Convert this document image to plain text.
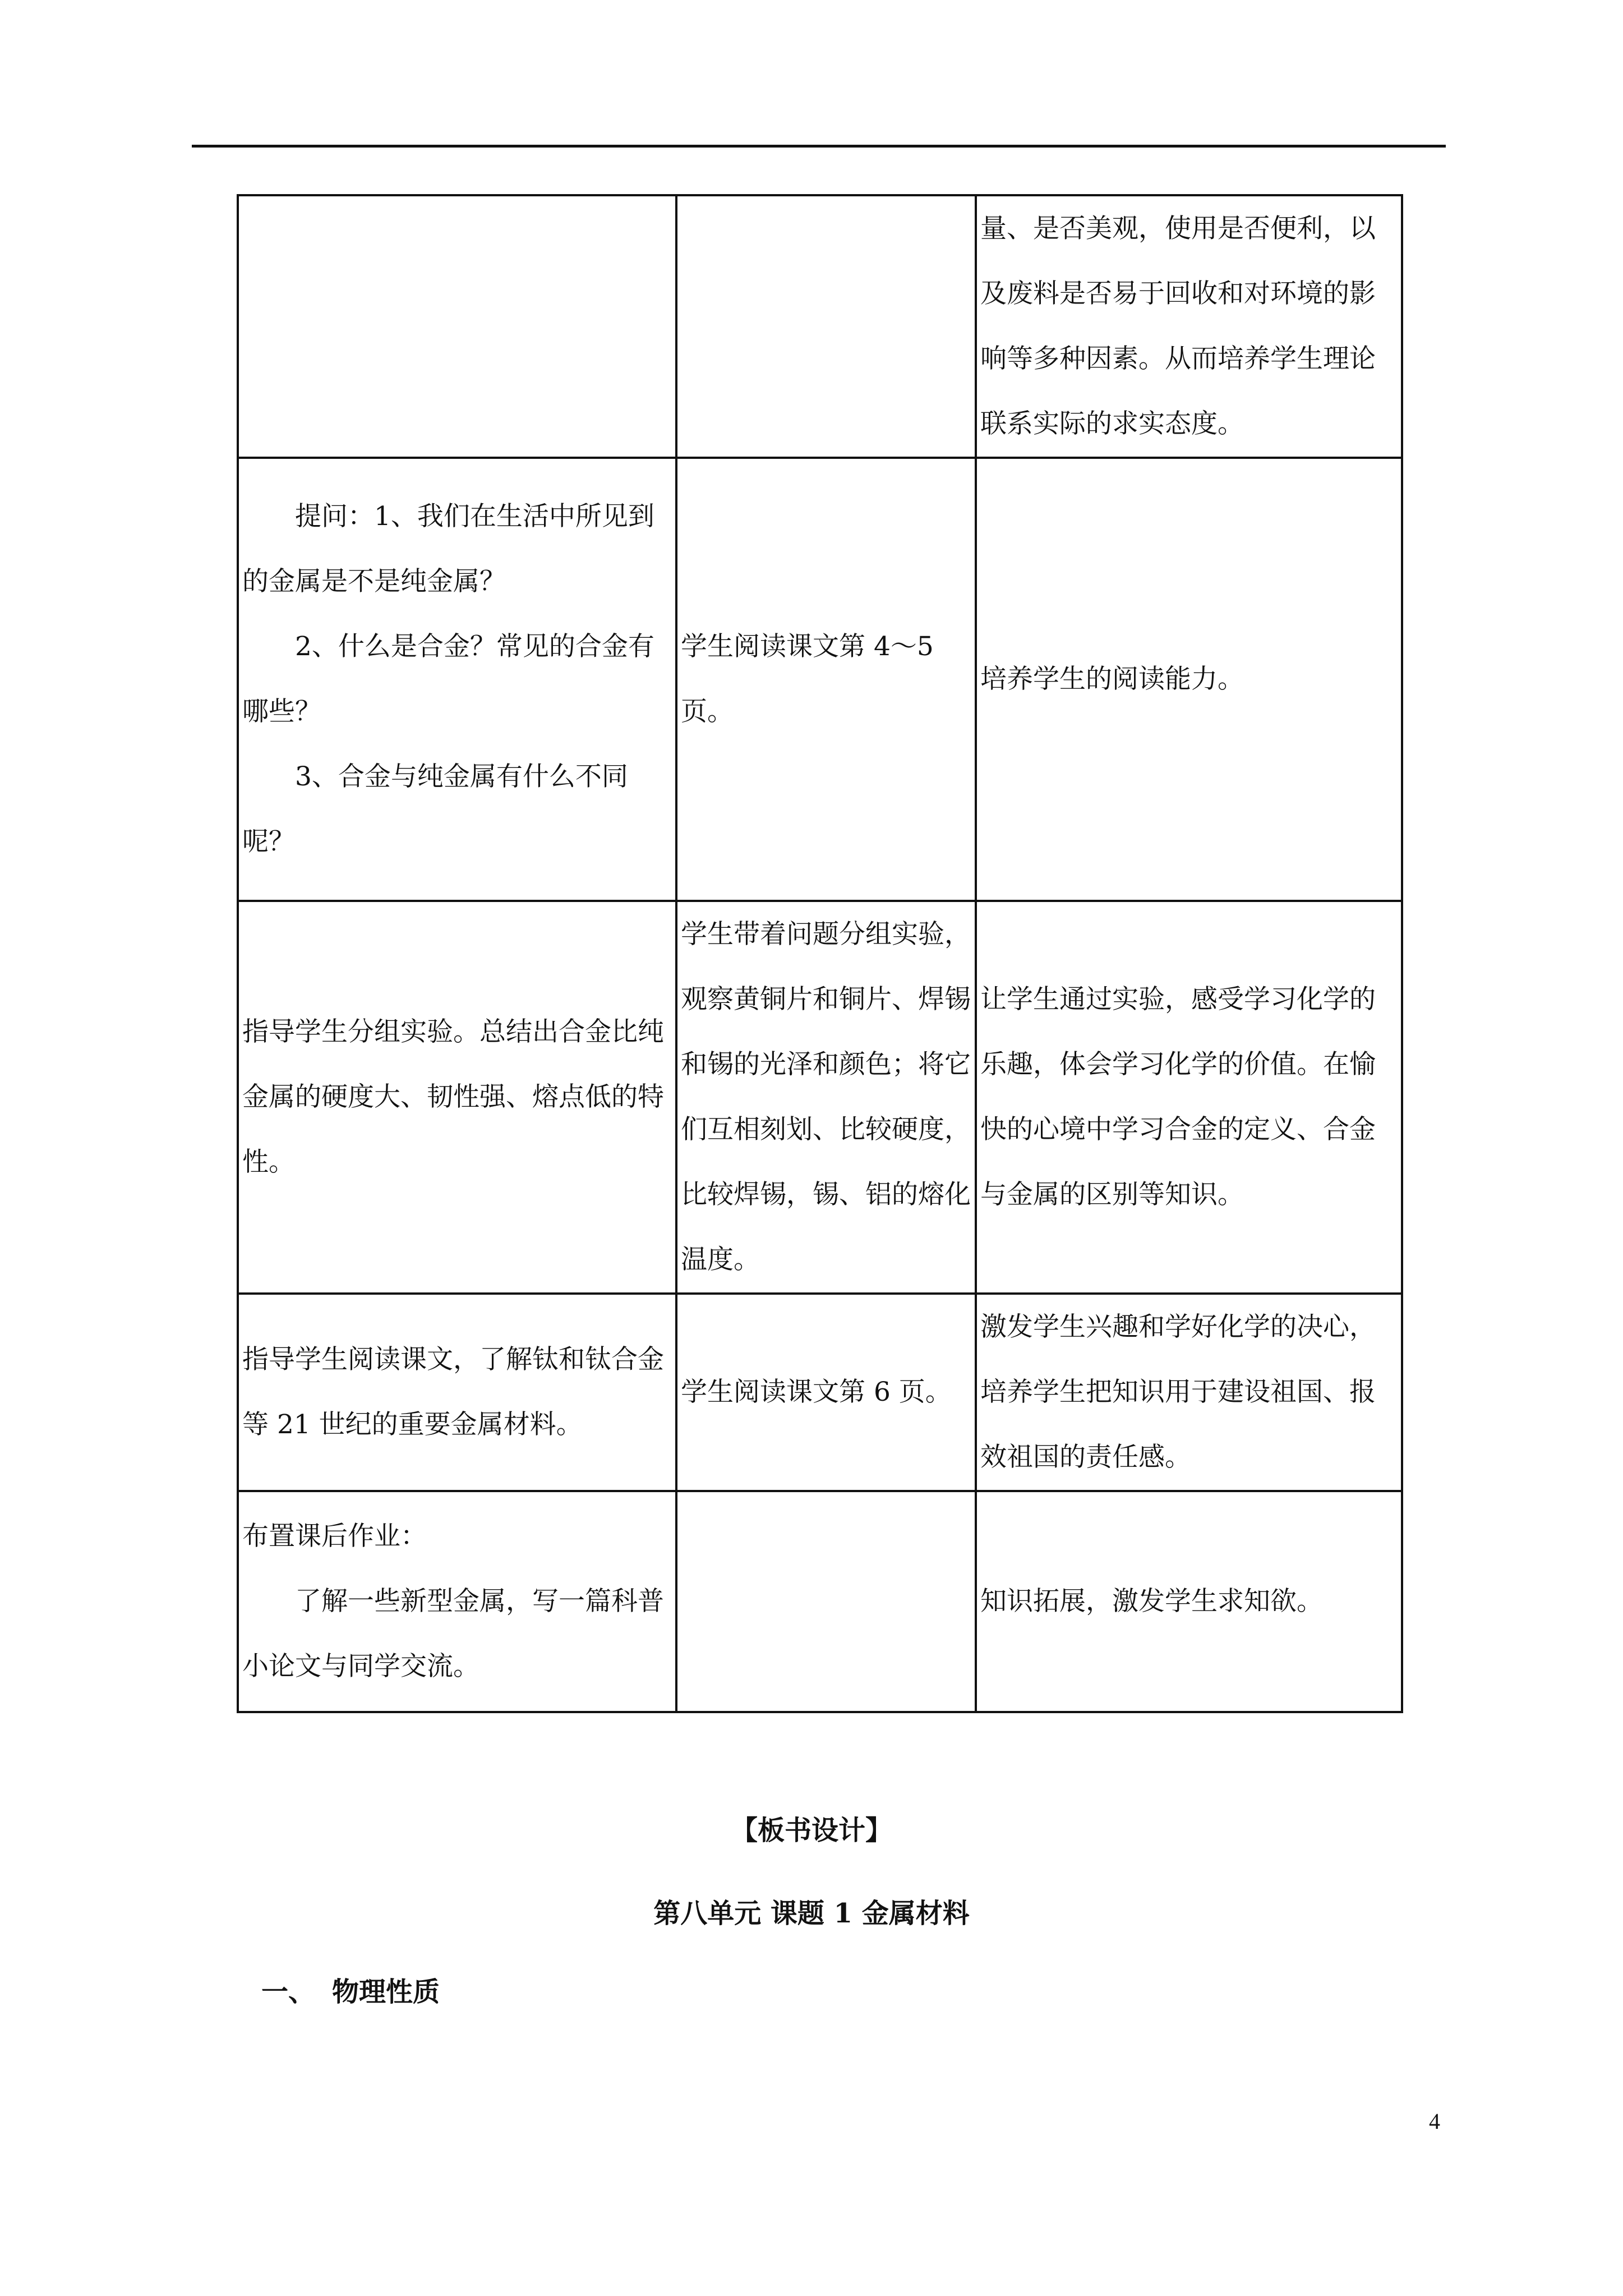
		量、是否美观，使用是否便利，以及废料是否易于回收和对环境的影响等多种因素。从而培养学生理论联系实际的求实态度。

提问：1、我们在生活中所见到的金属是不是纯金属？

2、什么是合金？常见的合金有哪些？

3、合金与纯金属有什么不同呢？	学生阅读课文第 4～5 页。	培养学生的阅读能力。

指导学生分组实验。总结出合金比纯金属的硬度大、韧性强、熔点低的特性。	学生带着问题分组实验，观察黄铜片和铜片、焊锡和锡的光泽和颜色；将它们互相刻划、比较硬度，比较焊锡，锡、铝的熔化温度。	让学生通过实验，感受学习化学的乐趣，体会学习化学的价值。在愉快的心境中学习合金的定义、合金与金属的区别等知识。

指导学生阅读课文，了解钛和钛合金等 21 世纪的重要金属材料。	学生阅读课文第 6 页。	激发学生兴趣和学好化学的决心，培养学生把知识用于建设祖国、报效祖国的责任感。

布置课后作业：

了解一些新型金属，写一篇科普小论文与同学交流。		知识拓展，激发学生求知欲。

【板书设计】
第八单元 课题 1 金属材料
一、 物理性质
4
